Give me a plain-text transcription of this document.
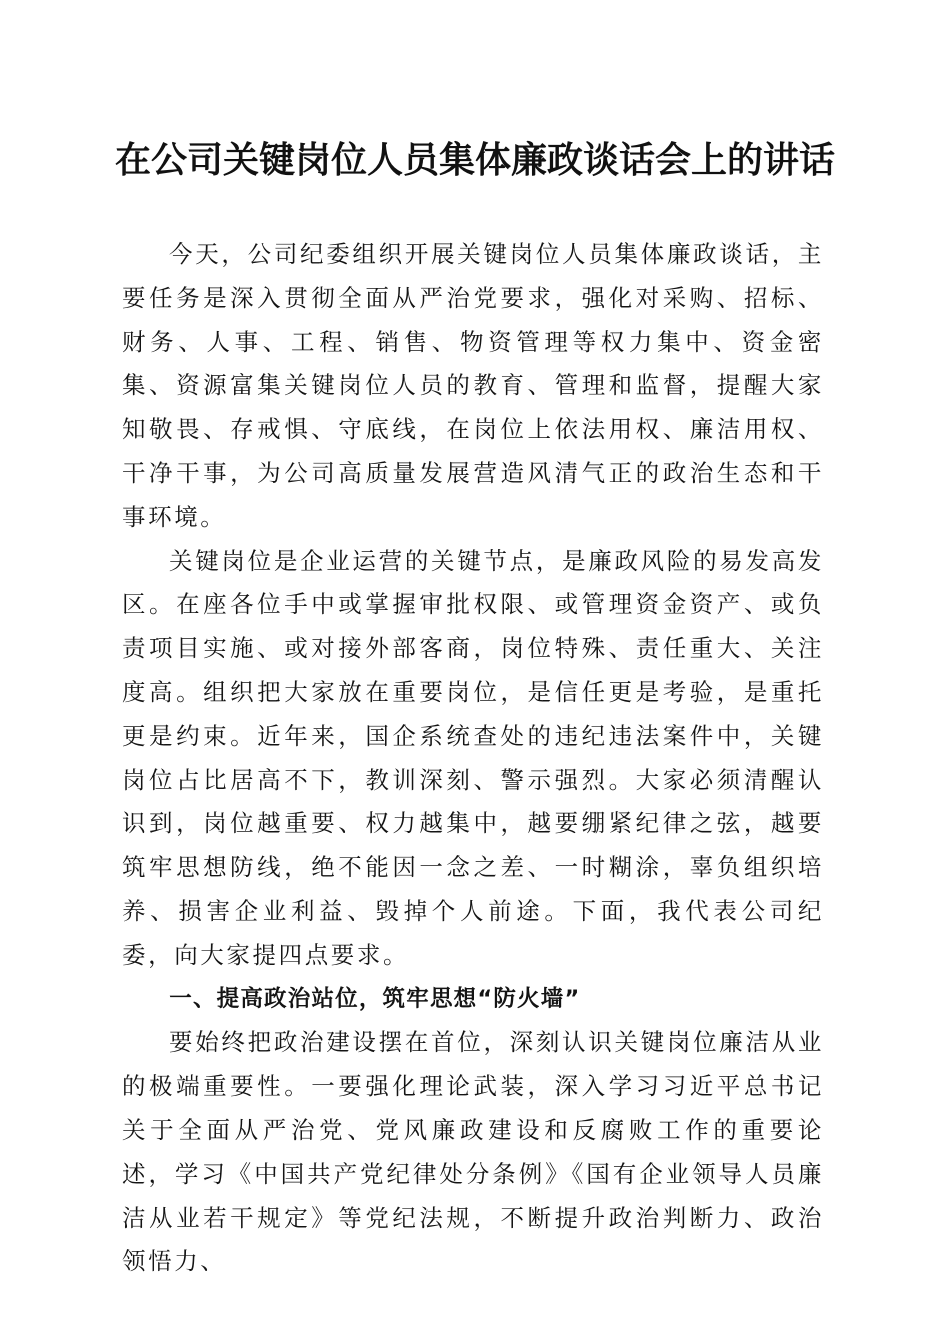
在公司关键岗位人员集体廉政谈话会上的讲话

今天，公司纪委组织开展关键岗位人员集体廉政谈话，主要任务是深入贯彻全面从严治党要求，强化对采购、招标、财务、人事、工程、销售、物资管理等权力集中、资金密集、资源富集关键岗位人员的教育、管理和监督，提醒大家知敬畏、存戒惧、守底线，在岗位上依法用权、廉洁用权、干净干事，为公司高质量发展营造风清气正的政治生态和干事环境。

关键岗位是企业运营的关键节点，是廉政风险的易发高发区。在座各位手中或掌握审批权限、或管理资金资产、或负责项目实施、或对接外部客商，岗位特殊、责任重大、关注度高。组织把大家放在重要岗位，是信任更是考验，是重托更是约束。近年来，国企系统查处的违纪违法案件中，关键岗位占比居高不下，教训深刻、警示强烈。大家必须清醒认识到，岗位越重要、权力越集中，越要绷紧纪律之弦，越要筑牢思想防线，绝不能因一念之差、一时糊涂，辜负组织培养、损害企业利益、毁掉个人前途。下面，我代表公司纪委，向大家提四点要求。

一、提高政治站位，筑牢思想“防火墙”

要始终把政治建设摆在首位，深刻认识关键岗位廉洁从业的极端重要性。一要强化理论武装，深入学习习近平总书记关于全面从严治党、党风廉政建设和反腐败工作的重要论述，学习《中国共产党纪律处分条例》《国有企业领导人员廉洁从业若干规定》等党纪法规，不断提升政治判断力、政治领悟力、
